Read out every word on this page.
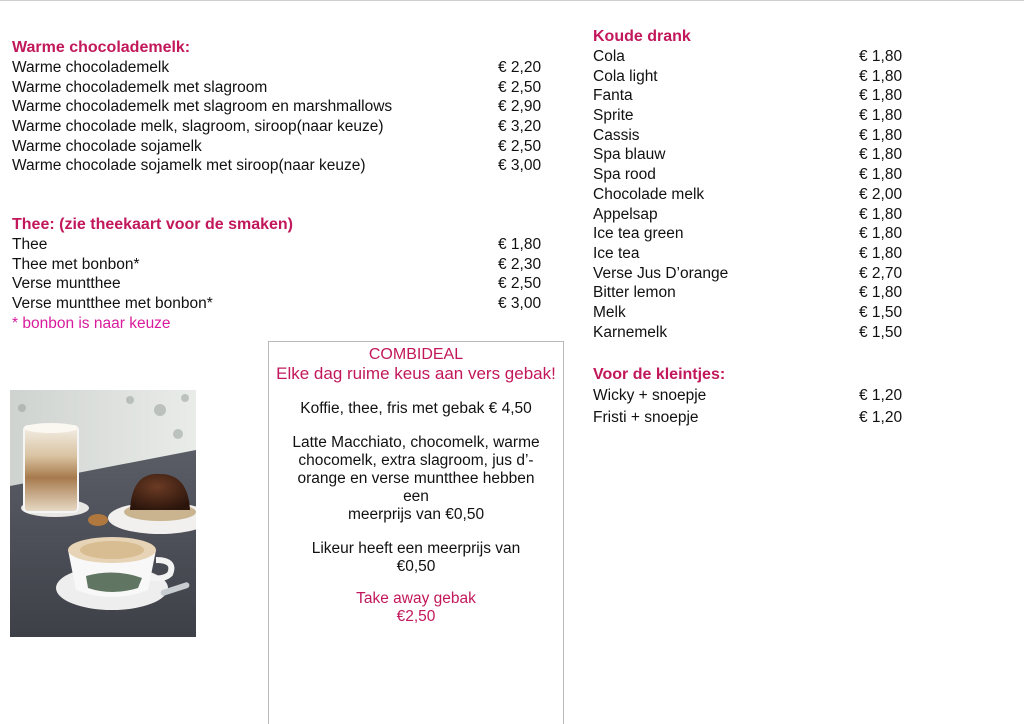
Warme chocolademelk:
Warme chocolademelk	€ 2,20
Warme chocolademelk met slagroom	€ 2,50
Warme chocolademelk met slagroom en marshmallows	€ 2,90
Warme chocolade melk, slagroom, siroop(naar keuze)	€ 3,20
Warme chocolade sojamelk	€ 2,50
Warme chocolade sojamelk met siroop(naar keuze)	€ 3,00
Thee: (zie theekaart voor de smaken)
Thee	€ 1,80
Thee met bonbon*	€ 2,30
Verse muntthee	€ 2,50
Verse muntthee met bonbon*	€ 3,00
* bonbon is naar keuze
Koude drank
Cola	€ 1,80
Cola light	€ 1,80
Fanta	€ 1,80
Sprite	€ 1,80
Cassis	€ 1,80
Spa blauw	€ 1,80
Spa rood	€ 1,80
Chocolade melk	€ 2,00
Appelsap	€ 1,80
Ice tea green	€ 1,80
Ice tea	€ 1,80
Verse Jus D’orange	€ 2,70
Bitter lemon	€ 1,80
Melk	€ 1,50
Karnemelk	€ 1,50
Voor de kleintjes:
Wicky + snoepje	€ 1,20
Fristi + snoepje	€ 1,20

COMBIDEAL

Elke dag ruime keus aan vers gebak!

Koffie, thee, fris met gebak € 4,50

Latte Macchiato, chocomelk, warme
chocomelk, extra slagroom, jus d’-
orange en verse muntthee hebben
een
meerprijs van €0,50
Likeur heeft een meerprijs van
€0,50

Take away gebak

€2,50
